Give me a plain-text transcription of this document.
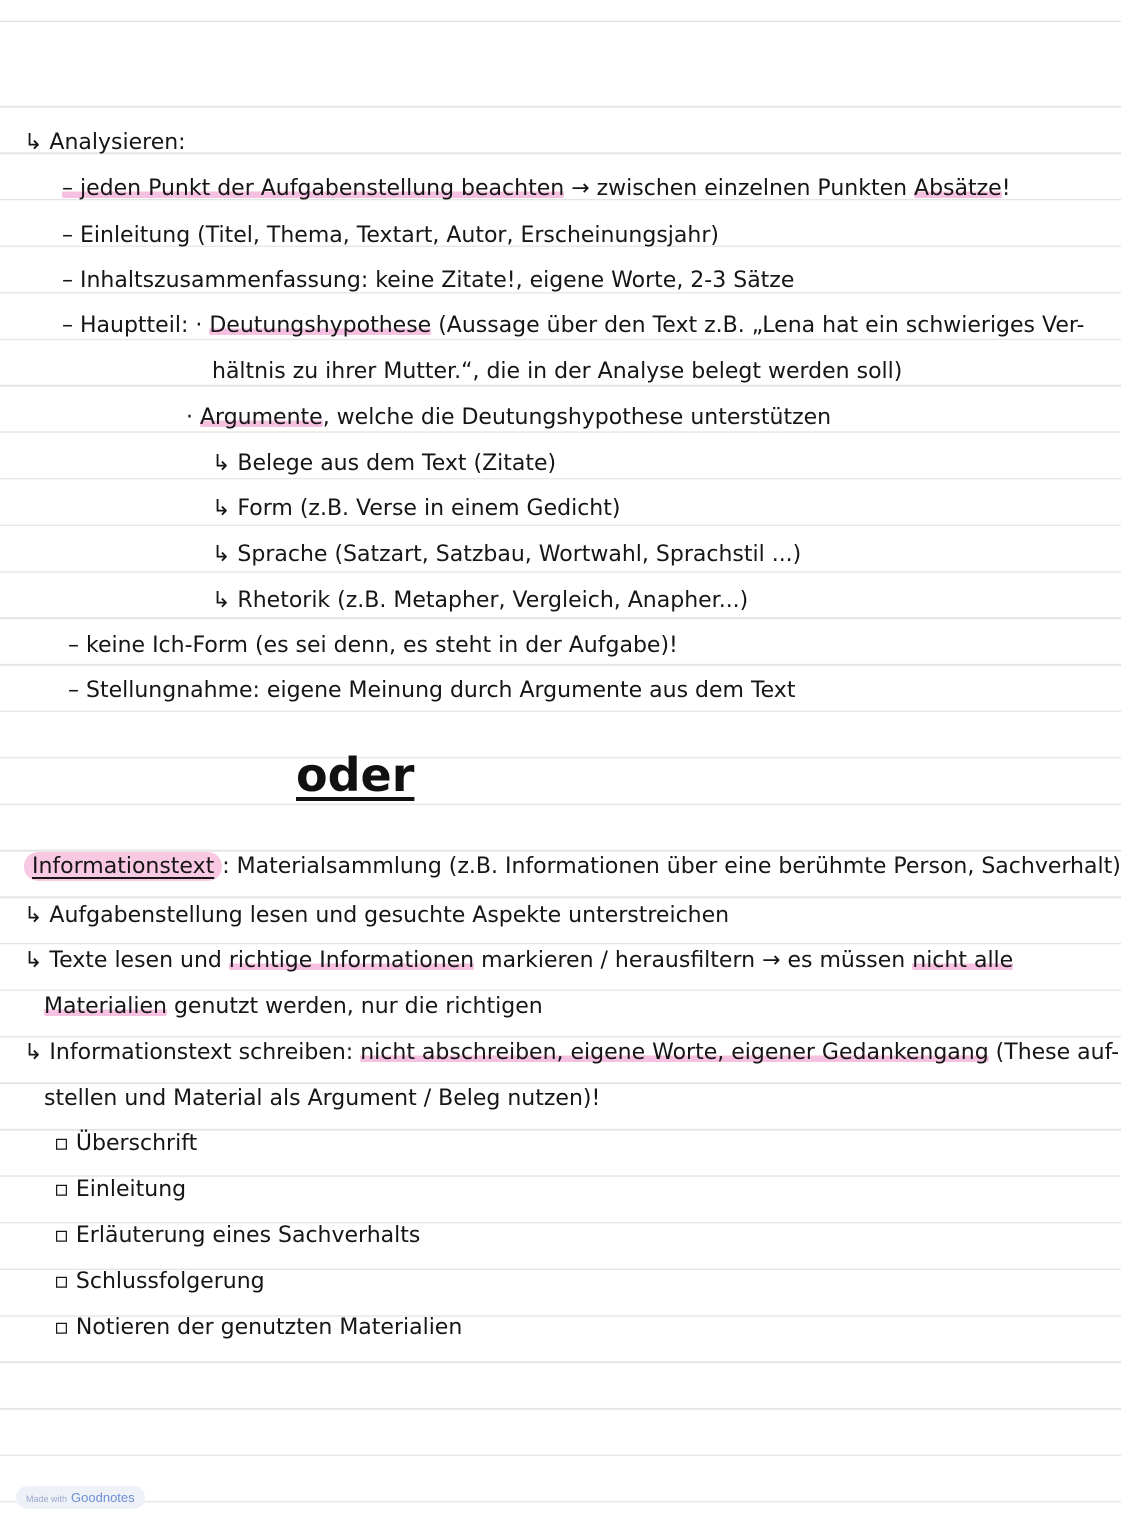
↳ Analysieren:
– jeden Punkt der Aufgabenstellung beachten → zwischen einzelnen Punkten Absätze!
– Einleitung (Titel, Thema, Textart, Autor, Erscheinungsjahr)
– Inhaltszusammenfassung: keine Zitate!, eigene Worte, 2-3 Sätze
– Hauptteil: · Deutungshypothese (Aussage über den Text z.B. „Lena hat ein schwieriges Ver-
hältnis zu ihrer Mutter.“, die in der Analyse belegt werden soll)
· Argumente, welche die Deutungshypothese unterstützen
↳ Belege aus dem Text (Zitate)
↳ Form (z.B. Verse in einem Gedicht)
↳ Sprache (Satzart, Satzbau, Wortwahl, Sprachstil ...)
↳ Rhetorik (z.B. Metapher, Vergleich, Anapher...)
– keine Ich-Form (es sei denn, es steht in der Aufgabe)!
– Stellungnahme: eigene Meinung durch Argumente aus dem Text
oder
Informationstext : Materialsammlung (z.B. Informationen über eine berühmte Person, Sachverhalt)
↳ Aufgabenstellung lesen und gesuchte Aspekte unterstreichen
↳ Texte lesen und richtige Informationen markieren / herausfiltern → es müssen nicht alle
Materialien genutzt werden, nur die richtigen
↳ Informationstext schreiben: nicht abschreiben, eigene Worte, eigener Gedankengang (These auf-
stellen und Material als Argument / Beleg nutzen)!
▫ Überschrift
▫ Einleitung
▫ Erläuterung eines Sachverhalts
▫ Schlussfolgerung
▫ Notieren der genutzten Materialien
Made with Goodnotes
